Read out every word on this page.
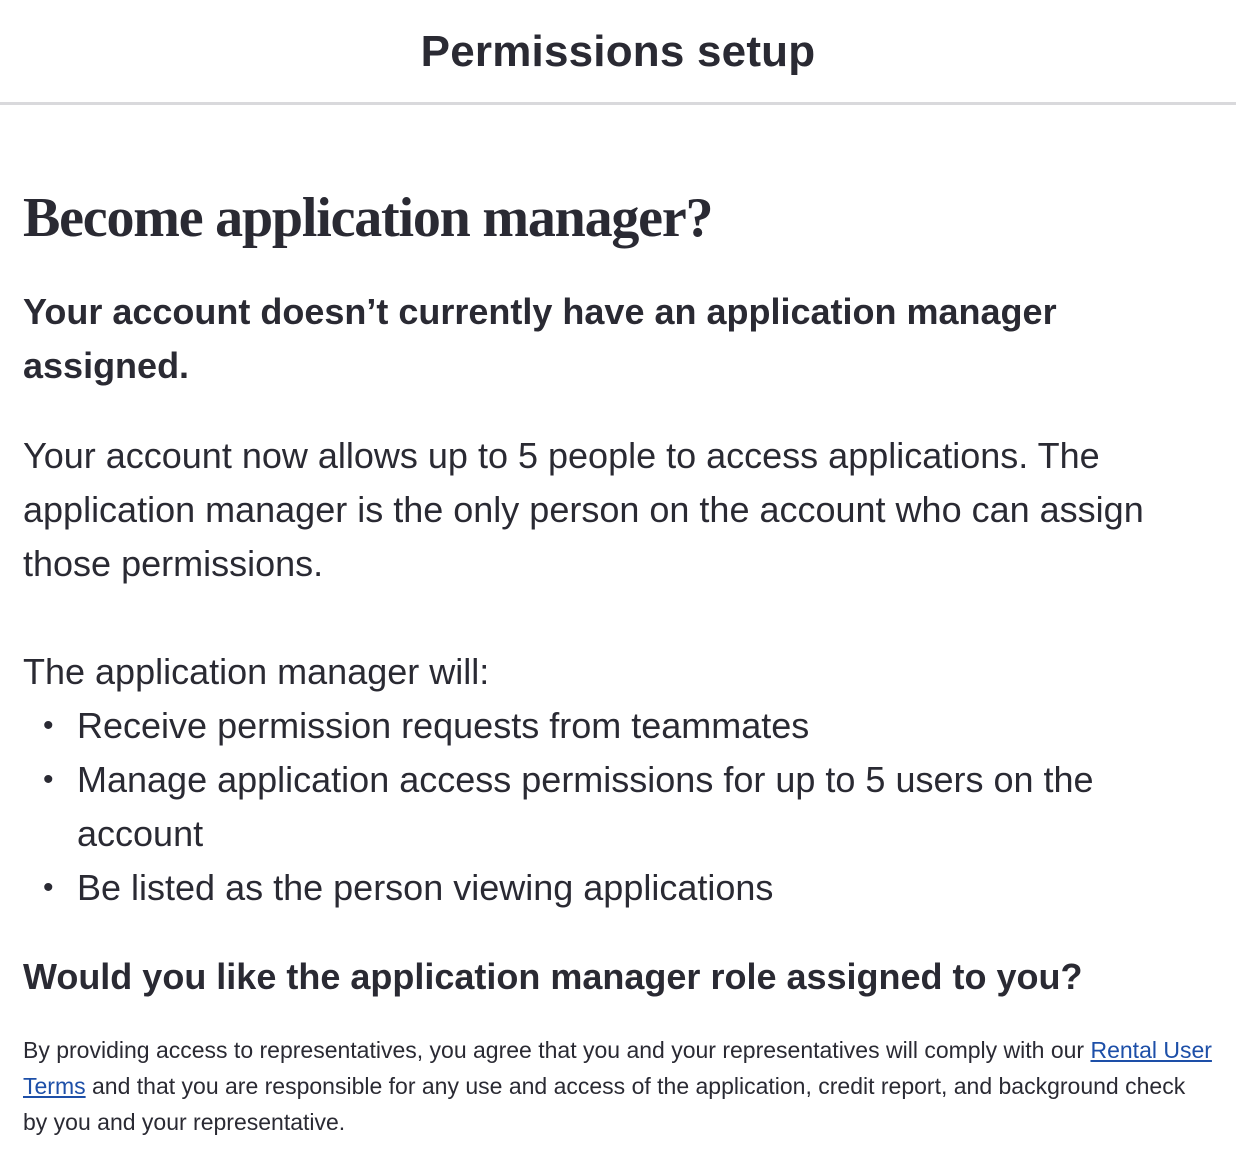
Permissions setup
Become application manager?

Your account doesn’t currently have an application manager assigned.

Your account now allows up to 5 people to access applications. The application manager is the only person on the account who can assign those permissions.

The application manager will:

• Receive permission requests from teammates
• Manage application access permissions for up to 5 users on the account
• Be listed as the person viewing applications

Would you like the application manager role assigned to you?

By providing access to representatives, you agree that you and your representatives will comply with our Rental User Terms and that you are responsible for any use and access of the application, credit report, and background check by you and your representative.
